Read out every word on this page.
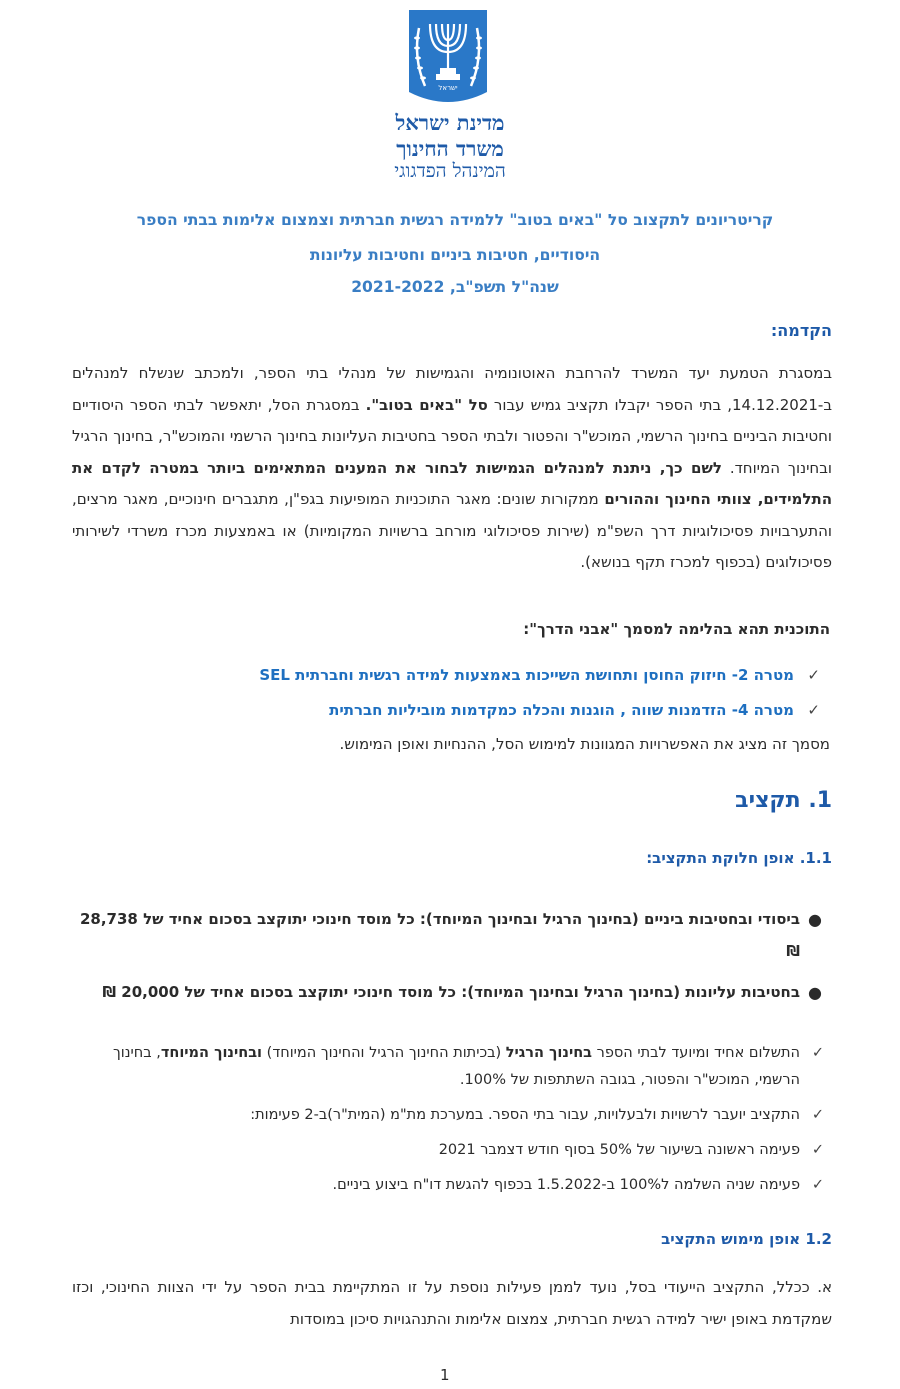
ישראל
מדינת ישראל
משרד החינוך
המינהל הפדגוגי
קריטריונים לתקצוב סל "באים בטוב" ללמידה רגשית חברתית וצמצום אלימות בבתי הספר
היסודיים, חטיבות ביניים וחטיבות עליונות
שנה"ל תשפ"ב, 2021-2022
הקדמה:
במסגרת הטמעת יעד המשרד להרחבת האוטונומיה והגמישות של מנהלי בתי הספר, ולמכתב שנשלח למנהלים ב-14.12.2021, בתי הספר יקבלו תקציב גמיש עבור סל "באים בטוב". במסגרת הסל, יתאפשר לבתי הספר היסודיים וחטיבות הביניים בחינוך הרשמי, המוכש"ר והפטור ולבתי הספר בחטיבות העליונות בחינוך הרשמי והמוכש"ר, בחינוך הרגיל ובחינוך המיוחד. לשם כך, ניתנת למנהלים הגמישות לבחור את המענים המתאימים ביותר במטרה לקדם את התלמידים, צוותי החינוך וההורים ממקורות שונים: מאגר התוכניות המופיעות בגפ"ן, מתגברים חינוכיים, מאגר מרצים, והתערבויות פסיכולוגיות דרך השפ"מ (שירות פסיכולוגי מורחב ברשויות המקומיות) או באמצעות מכרז משרדי לשירותי פסיכולוגים (בכפוף למכרז תקף בנושא).
התוכנית תהא בהלימה למסמך "אבני הדרך":
✓מטרה 2- חיזוק החוסן ותחושת השייכות באמצעות למידה רגשית וחברתית SEL
✓מטרה 4- הזדמנות שווה , הוגנות והכלה כמקדמות מוביליות חברתית
מסמך זה מציג את האפשרויות המגוונות למימוש הסל, ההנחיות ואופן המימוש.
1. תקציב
1.1. אופן חלוקת התקציב:
●
ביסודי ובחטיבות ביניים (בחינוך הרגיל ובחינוך המיוחד): כל מוסד חינוכי יתוקצב בסכום אחיד של 28,738 ₪
●
בחטיבות עליונות (בחינוך הרגיל ובחינוך המיוחד): כל מוסד חינוכי יתוקצב בסכום אחיד של 20,000 ₪
✓
התשלום אחיד ומיועד לבתי הספר בחינוך הרגיל (בכיתות החינוך הרגיל והחינוך המיוחד) ובחינוך המיוחד, בחינוך הרשמי, המוכש"ר והפטור, בגובה השתתפות של 100%.
✓
התקציב יועבר לרשויות ולבעלויות, עבור בתי הספר. במערכת מת"מ (המית"ר)ב-2 פעימות:
✓
פעימה ראשונה בשיעור של 50% בסוף חודש דצמבר 2021
✓
פעימה שניה השלמה ל100% ב-1.5.2022 בכפוף להגשת דו"ח ביצוע ביניים.
1.2 אופן מימוש התקציב
א. ככלל, התקציב הייעודי בסל, נועד לממן פעילות נוספת על זו המתקיימת בבית הספר על ידי הצוות החינוכי, וכזו שמקדמת באופן ישיר למידה רגשית חברתית, צמצום אלימות והתנהגויות סיכון במוסדות
1
